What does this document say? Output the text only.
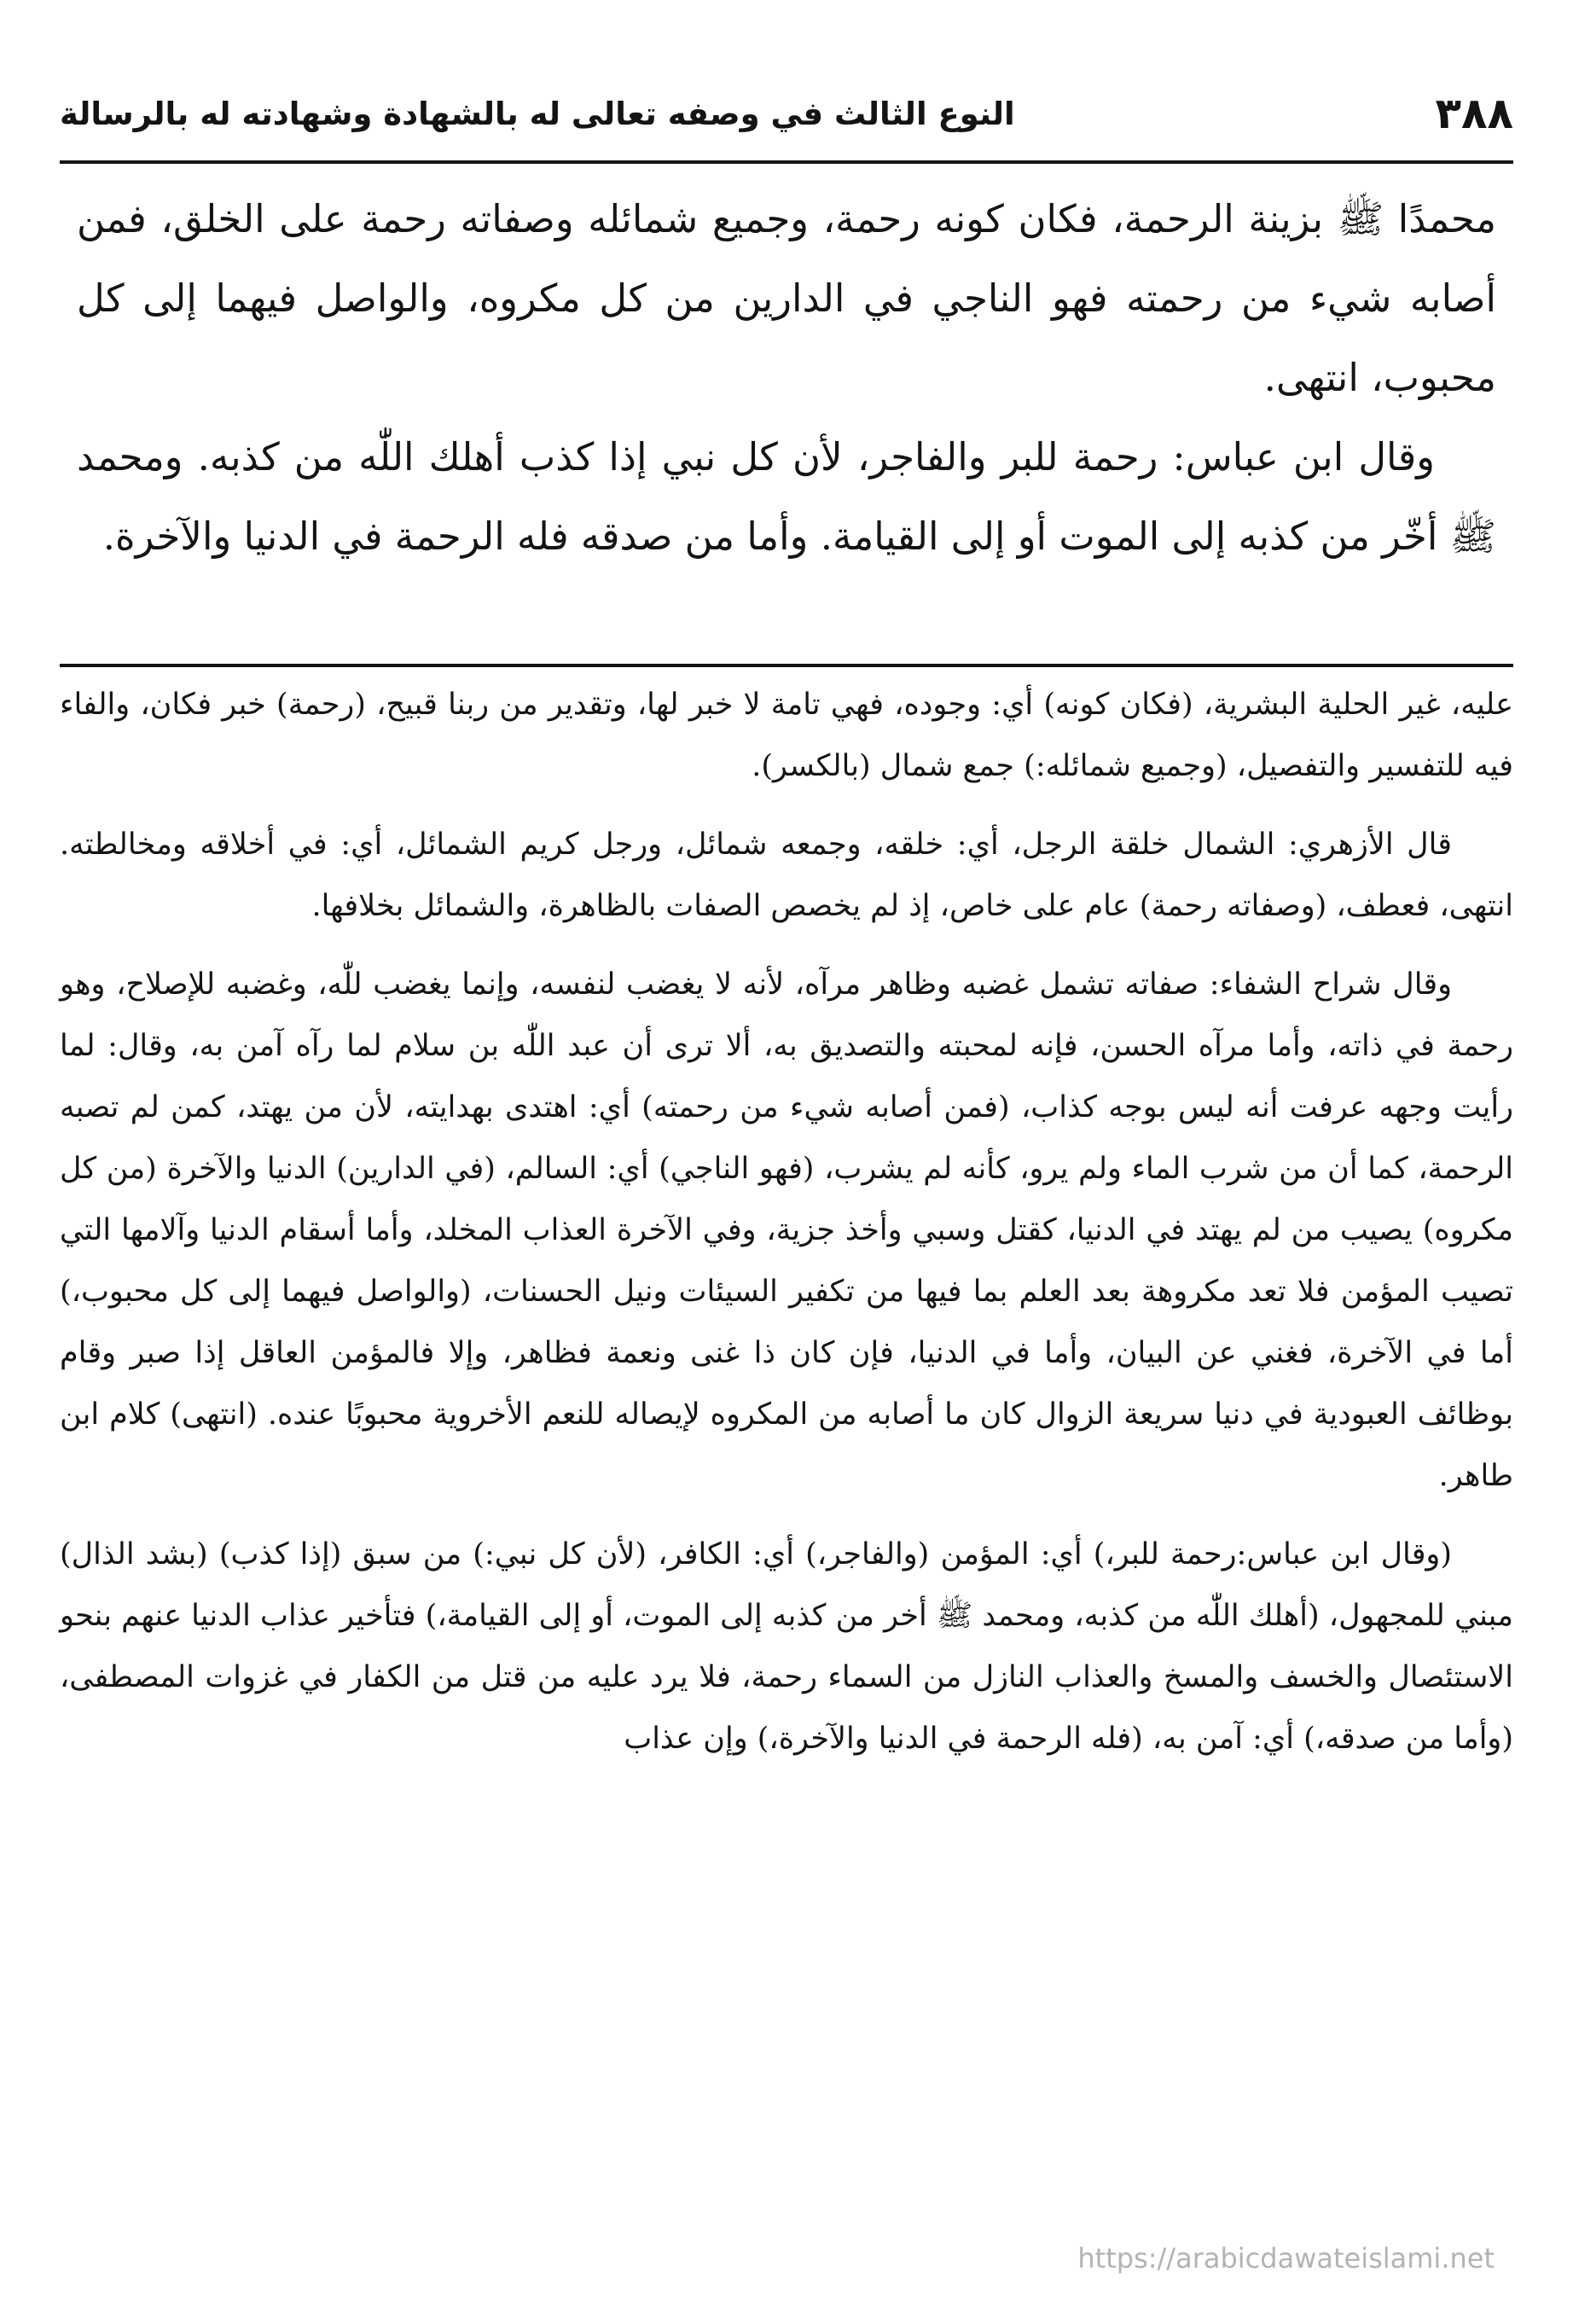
٣٨٨
النوع الثالث في وصفه تعالى له بالشهادة وشهادته له بالرسالة

محمدًا ﷺ بزينة الرحمة، فكان كونه رحمة، وجميع شمائله وصفاته رحمة على الخلق، فمن أصابه شيء من رحمته فهو الناجي في الدارين من كل مكروه، والواصل فيهما إلى كل محبوب، انتهى.

وقال ابن عباس: رحمة للبر والفاجر، لأن كل نبي إذا كذب أهلك اللّٰه من كذبه. ومحمد ﷺ أخّر من كذبه إلى الموت أو إلى القيامة. وأما من صدقه فله الرحمة في الدنيا والآخرة.

عليه، غير الحلية البشرية، (فكان كونه) أي: وجوده، فهي تامة لا خبر لها، وتقدير من ربنا قبيح، (رحمة) خبر فكان، والفاء فيه للتفسير والتفصيل، (وجميع شمائله:) جمع شمال (بالكسر).

قال الأزهري: الشمال خلقة الرجل، أي: خلقه، وجمعه شمائل، ورجل كريم الشمائل، أي: في أخلاقه ومخالطته. انتهى، فعطف، (وصفاته رحمة) عام على خاص، إذ لم يخصص الصفات بالظاهرة، والشمائل بخلافها.

وقال شراح الشفاء: صفاته تشمل غضبه وظاهر مرآه، لأنه لا يغضب لنفسه، وإنما يغضب للّٰه، وغضبه للإصلاح، وهو رحمة في ذاته، وأما مرآه الحسن، فإنه لمحبته والتصديق به، ألا ترى أن عبد اللّٰه بن سلام لما رآه آمن به، وقال: لما رأيت وجهه عرفت أنه ليس بوجه كذاب، (فمن أصابه شيء من رحمته) أي: اهتدى بهدايته، لأن من يهتد، كمن لم تصبه الرحمة، كما أن من شرب الماء ولم يرو، كأنه لم يشرب، (فهو الناجي) أي: السالم، (في الدارين) الدنيا والآخرة (من كل مكروه) يصيب من لم يهتد في الدنيا، كقتل وسبي وأخذ جزية، وفي الآخرة العذاب المخلد، وأما أسقام الدنيا وآلامها التي تصيب المؤمن فلا تعد مكروهة بعد العلم بما فيها من تكفير السيئات ونيل الحسنات، (والواصل فيهما إلى كل محبوب،) أما في الآخرة، فغني عن البيان، وأما في الدنيا، فإن كان ذا غنى ونعمة فظاهر، وإلا فالمؤمن العاقل إذا صبر وقام بوظائف العبودية في دنيا سريعة الزوال كان ما أصابه من المكروه لإيصاله للنعم الأخروية محبوبًا عنده. (انتهى) كلام ابن طاهر.

(وقال ابن عباس:رحمة للبر،) أي: المؤمن (والفاجر،) أي: الكافر، (لأن كل نبي:) من سبق (إذا كذب) (بشد الذال) مبني للمجهول، (أهلك اللّٰه من كذبه، ومحمد ﷺ أخر من كذبه إلى الموت، أو إلى القيامة،) فتأخير عذاب الدنيا عنهم بنحو الاستئصال والخسف والمسخ والعذاب النازل من السماء رحمة، فلا يرد عليه من قتل من الكفار في غزوات المصطفى، (وأما من صدقه،) أي: آمن به، (فله الرحمة في الدنيا والآخرة،) وإن عذاب

https://arabicdawateislami.net
